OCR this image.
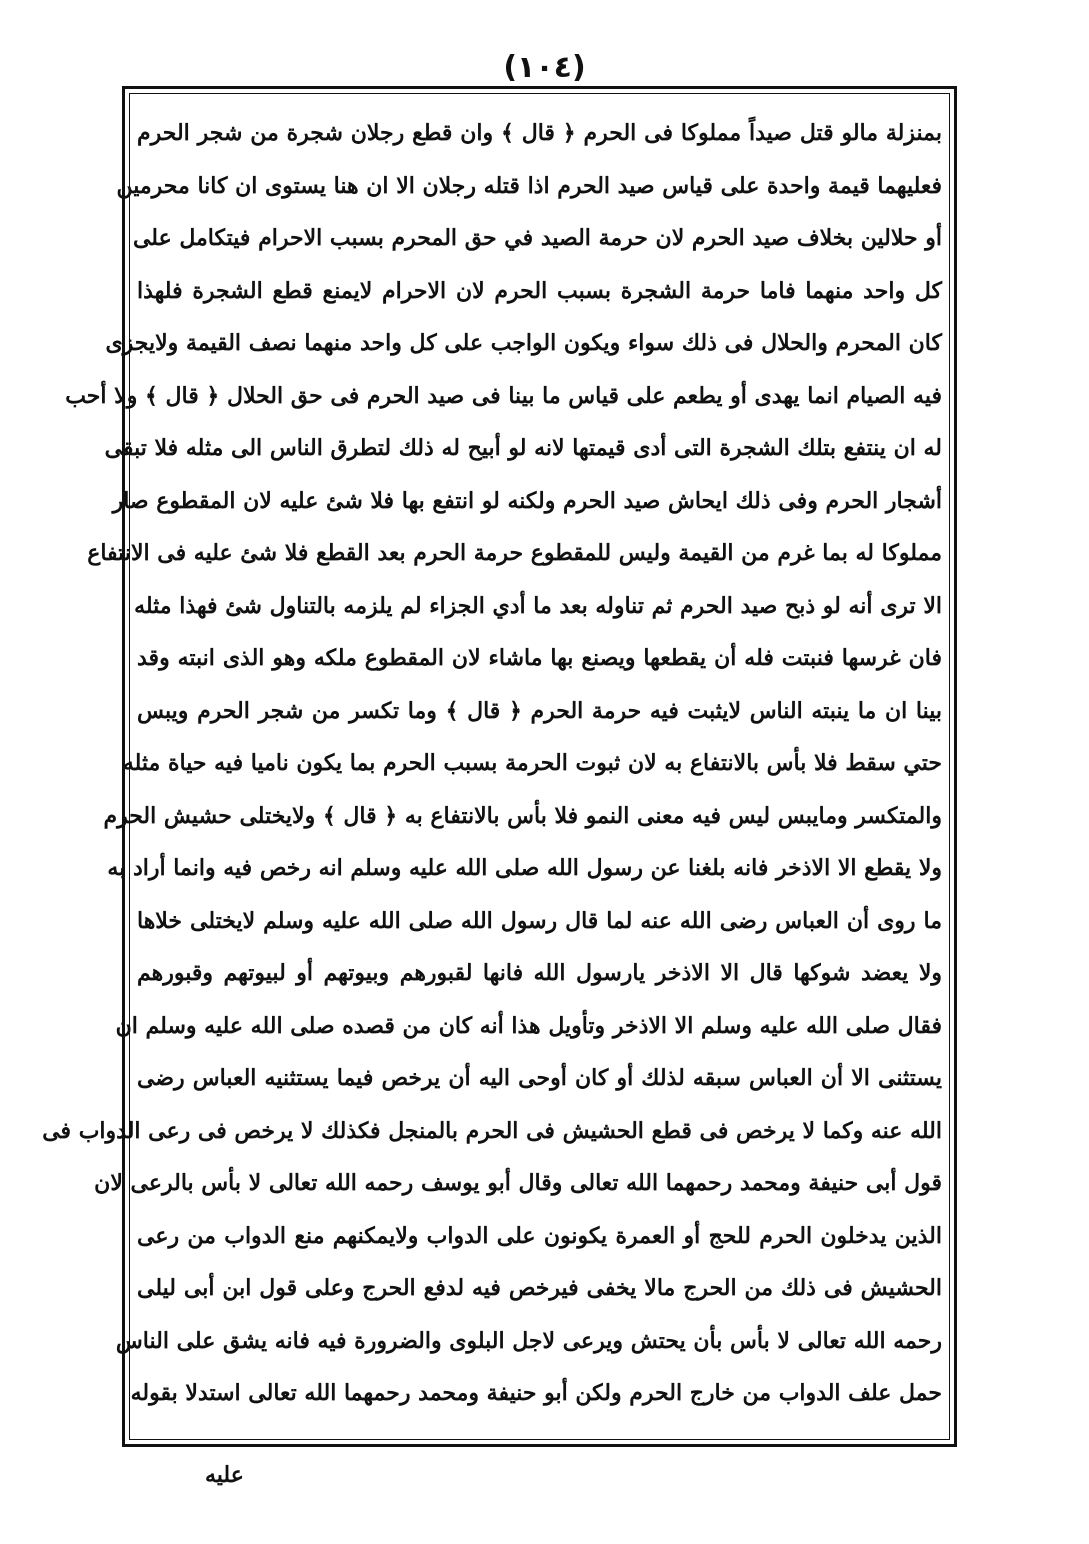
(١٠٤)
بمنزلة مالو قتل صيداً مملوكا فى الحرم ﴿ قال ﴾ وان قطع رجلان شجرة من شجر الحرم
فعليهما قيمة واحدة على قياس صيد الحرم اذا قتله رجلان الا ان هنا يستوى ان كانا محرمين
أو حلالين بخلاف صيد الحرم لان حرمة الصيد في حق المحرم بسبب الاحرام فيتكامل على
كل واحد منهما فاما حرمة الشجرة بسبب الحرم لان الاحرام لايمنع قطع الشجرة فلهذا
كان المحرم والحلال فى ذلك سواء ويكون الواجب على كل واحد منهما نصف القيمة ولايجزى
فيه الصيام انما يهدى أو يطعم على قياس ما بينا فى صيد الحرم فى حق الحلال ﴿ قال ﴾ ولا أحب
له ان ينتفع بتلك الشجرة التى أدى قيمتها لانه لو أبيح له ذلك لتطرق الناس الى مثله فلا تبقى
أشجار الحرم وفى ذلك ايحاش صيد الحرم ولكنه لو انتفع بها فلا شئ عليه لان المقطوع صار
مملوكا له بما غرم من القيمة وليس للمقطوع حرمة الحرم بعد القطع فلا شئ عليه فى الانتفاع
الا ترى أنه لو ذبح صيد الحرم ثم تناوله بعد ما أدي الجزاء لم يلزمه بالتناول شئ فهذا مثله
فان غرسها فنبتت فله أن يقطعها ويصنع بها ماشاء لان المقطوع ملكه وهو الذى انبته وقد
بينا ان ما ينبته الناس لايثبت فيه حرمة الحرم ﴿ قال ﴾ وما تكسر من شجر الحرم ويبس
حتي سقط فلا بأس بالانتفاع به لان ثبوت الحرمة بسبب الحرم بما يكون ناميا فيه حياة مثله
والمتكسر ومايبس ليس فيه معنى النمو فلا بأس بالانتفاع به ﴿ قال ﴾ ولايختلى حشيش الحرم
ولا يقطع الا الاذخر فانه بلغنا عن رسول الله صلى الله عليه وسلم انه رخص فيه وانما أراد به
ما روى أن العباس رضى الله عنه لما قال رسول الله صلى الله عليه وسلم لايختلى خلاها
ولا يعضد شوكها قال الا الاذخر يارسول الله فانها لقبورهم وبيوتهم أو لبيوتهم وقبورهم
فقال صلى الله عليه وسلم الا الاذخر وتأويل هذا أنه كان من قصده صلى الله عليه وسلم ان
يستثنى الا أن العباس سبقه لذلك أو كان أوحى اليه أن يرخص فيما يستثنيه العباس رضى
الله عنه وكما لا يرخص فى قطع الحشيش فى الحرم بالمنجل فكذلك لا يرخص فى رعى الدواب فى
قول أبى حنيفة ومحمد رحمهما الله تعالى وقال أبو يوسف رحمه الله تعالى لا بأس بالرعى لان
الذين يدخلون الحرم للحج أو العمرة يكونون على الدواب ولايمكنهم منع الدواب من رعى
الحشيش فى ذلك من الحرج مالا يخفى فيرخص فيه لدفع الحرج وعلى قول ابن أبى ليلى
رحمه الله تعالى لا بأس بأن يحتش ويرعى لاجل البلوى والضرورة فيه فانه يشق على الناس
حمل علف الدواب من خارج الحرم ولكن أبو حنيفة ومحمد رحمهما الله تعالى استدلا بقوله
عليه
